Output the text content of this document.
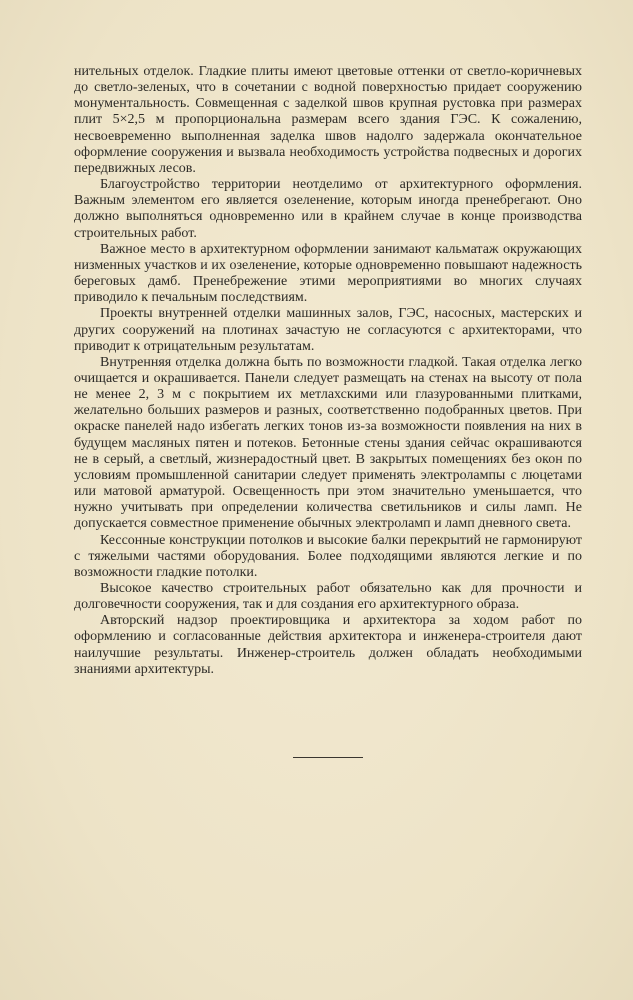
нительных отделок. Гладкие плиты имеют цветовые оттенки от светло-коричневых до светло-зеленых, что в сочетании с водной поверхностью придает сооружению монументальность. Совмещенная с заделкой швов крупная рустовка при размерах плит 5×2,5 м пропорциональна размерам всего здания ГЭС. К сожалению, несвоевременно выполненная заделка швов надолго задержала окончательное оформление сооружения и вызвала необходимость устройства подвесных и дорогих передвижных лесов.

Благоустройство территории неотделимо от архитектурного оформления. Важным элементом его является озеленение, которым иногда пренебрегают. Оно должно выполняться одновременно или в крайнем случае в конце производства строительных работ.

Важное место в архитектурном оформлении занимают кальматаж окружающих низменных участков и их озеленение, которые одновременно повышают надежность береговых дамб. Пренебрежение этими мероприятиями во многих случаях приводило к печальным последствиям.

Проекты внутренней отделки машинных залов, ГЭС, насосных, мастерских и других сооружений на плотинах зачастую не согласуются с архитекторами, что приводит к отрицательным результатам.

Внутренняя отделка должна быть по возможности гладкой. Такая отделка легко очищается и окрашивается. Панели следует размещать на стенах на высоту от пола не менее 2, 3 м с покрытием их метлахскими или глазурованными плитками, желательно больших размеров и разных, соответственно подобранных цветов. При окраске панелей надо избегать легких тонов из-за возможности появления на них в будущем масляных пятен и потеков. Бетонные стены здания сейчас окрашиваются не в серый, а светлый, жизнерадостный цвет. В закрытых помещениях без окон по условиям промышленной санитарии следует применять электролампы с люцетами или матовой арматурой. Освещенность при этом значительно уменьшается, что нужно учитывать при определении количества светильников и силы ламп. Не допускается совместное применение обычных электроламп и ламп дневного света.

Кессонные конструкции потолков и высокие балки перекрытий не гармонируют с тяжелыми частями оборудования. Более подходящими являются легкие и по возможности гладкие потолки.

Высокое качество строительных работ обязательно как для прочности и долговечности сооружения, так и для создания его архитектурного образа.

Авторский надзор проектировщика и архитектора за ходом работ по оформлению и согласованные действия архитектора и инженера-строителя дают наилучшие результаты. Инженер-строитель должен обладать необходимыми знаниями архитектуры.
